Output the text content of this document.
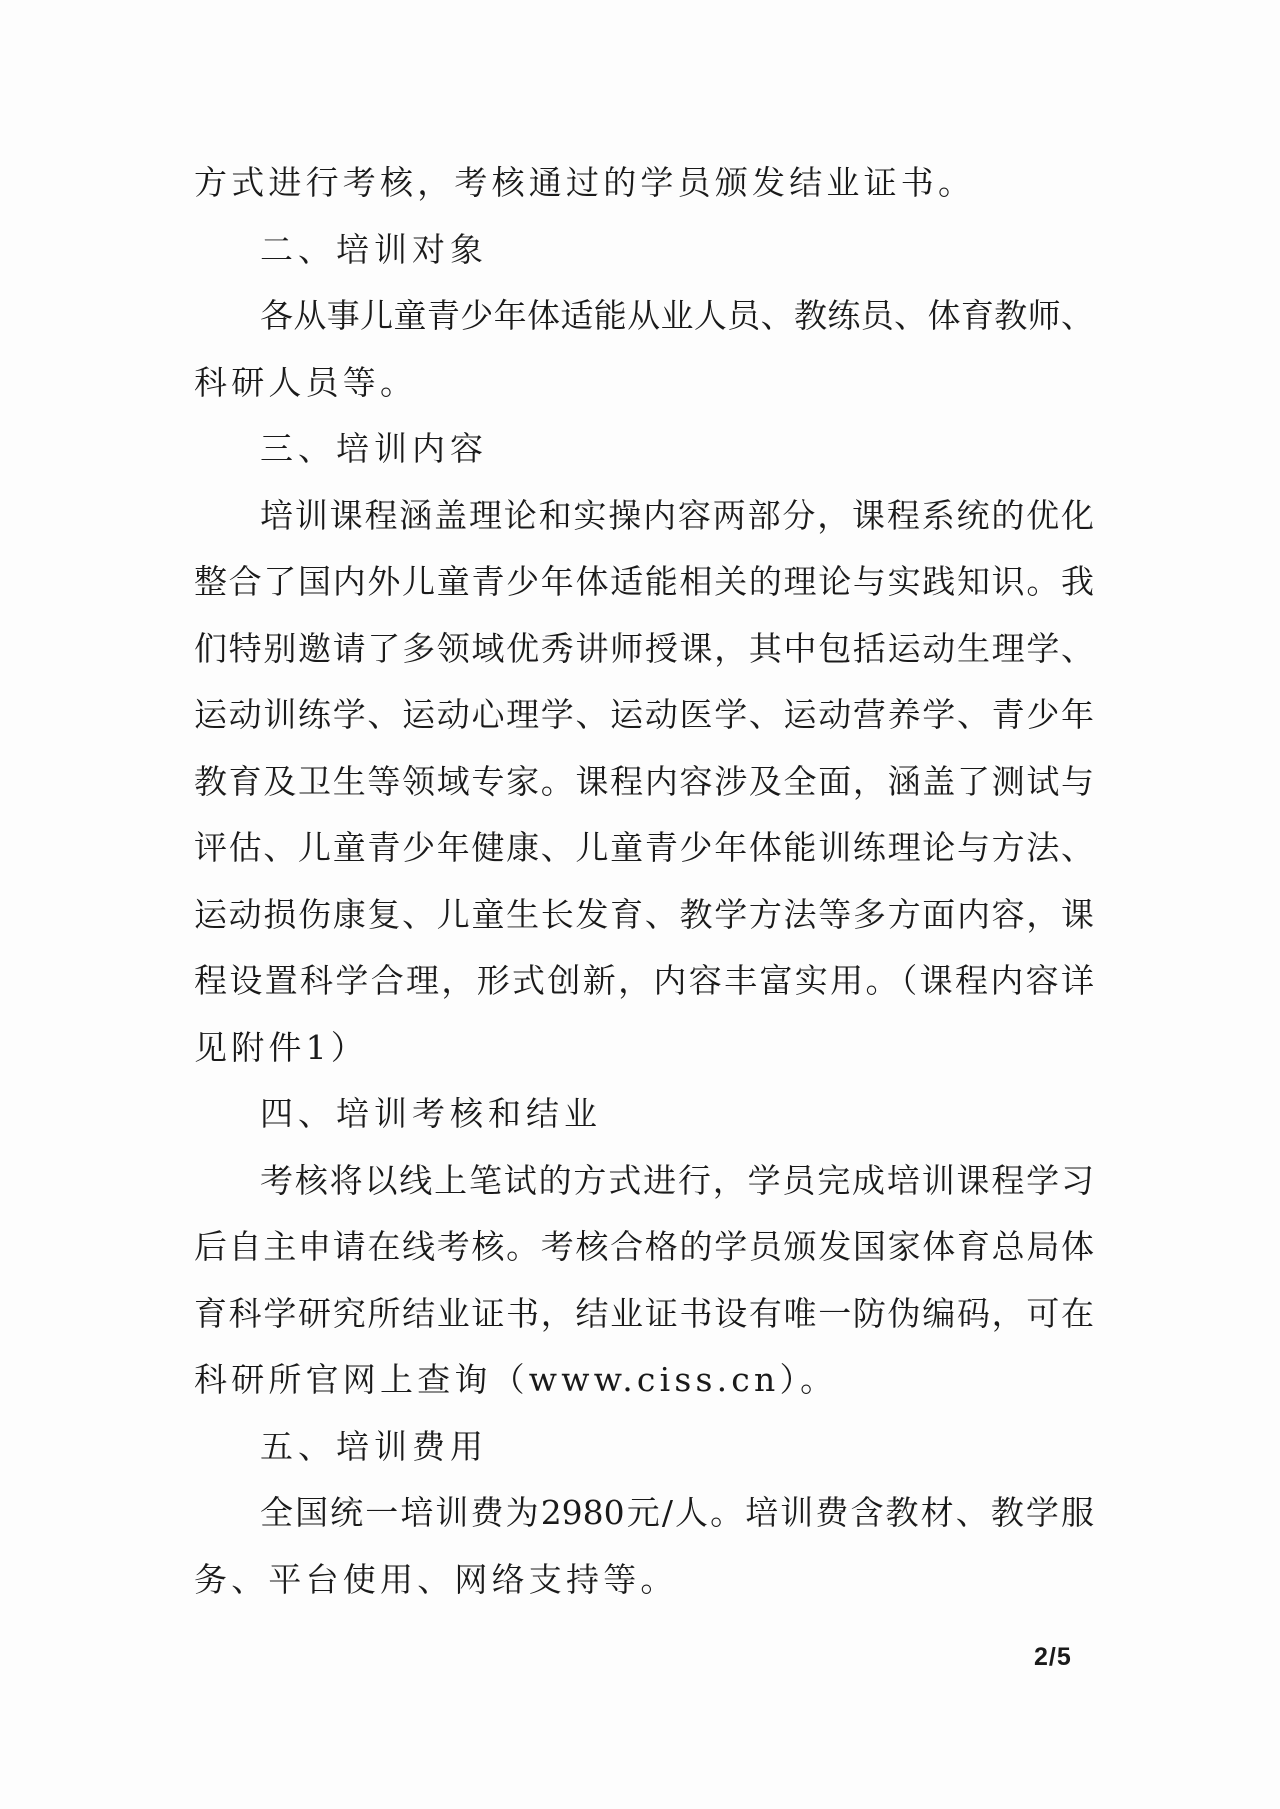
方式进行考核，考核通过的学员颁发结业证书。

二、培训对象

各从事儿童青少年体适能从业人员、教练员、体育教师、

科研人员等。

三、培训内容

培训课程涵盖理论和实操内容两部分，课程系统的优化

整合了国内外儿童青少年体适能相关的理论与实践知识。我

们特别邀请了多领域优秀讲师授课，其中包括运动生理学、

运动训练学、运动心理学、运动医学、运动营养学、青少年

教育及卫生等领域专家。课程内容涉及全面，涵盖了测试与

评估、儿童青少年健康、儿童青少年体能训练理论与方法、

运动损伤康复、儿童生长发育、教学方法等多方面内容，课

程设置科学合理，形式创新，内容丰富实用。（课程内容详

见附件1）

四、培训考核和结业

考核将以线上笔试的方式进行，学员完成培训课程学习

后自主申请在线考核。考核合格的学员颁发国家体育总局体

育科学研究所结业证书，结业证书设有唯一防伪编码，可在

科研所官网上查询（www.ciss.cn）。

五、培训费用

全国统一培训费为2980元/人。培训费含教材、教学服

务、平台使用、网络支持等。

2/5
